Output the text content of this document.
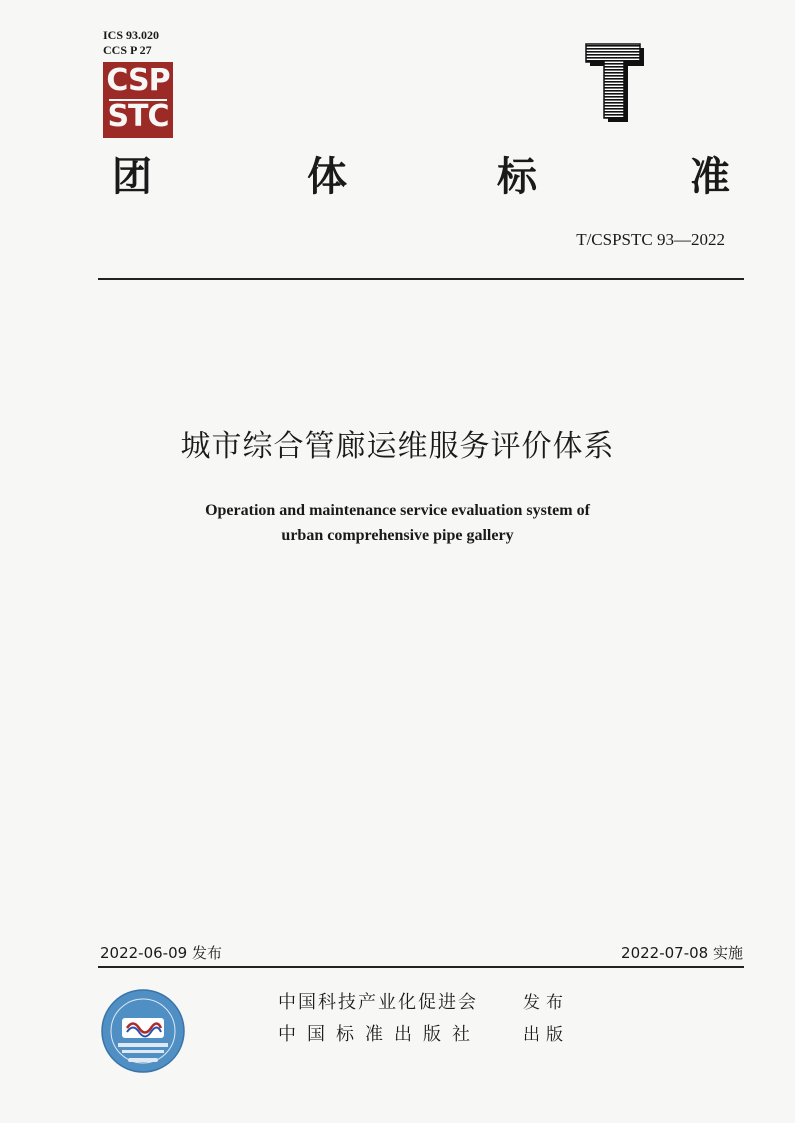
ICS 93.020
CCS P 27
CSP
STC
团	体	标	准
T/CSPSTC 93—2022
城市综合管廊运维服务评价体系
Operation and maintenance service evaluation system of
urban comprehensive pipe gallery
2022-06-09 发布	2022-07-08 实施
中国科技产业化促进会	发布
中国标准出版社 出版
